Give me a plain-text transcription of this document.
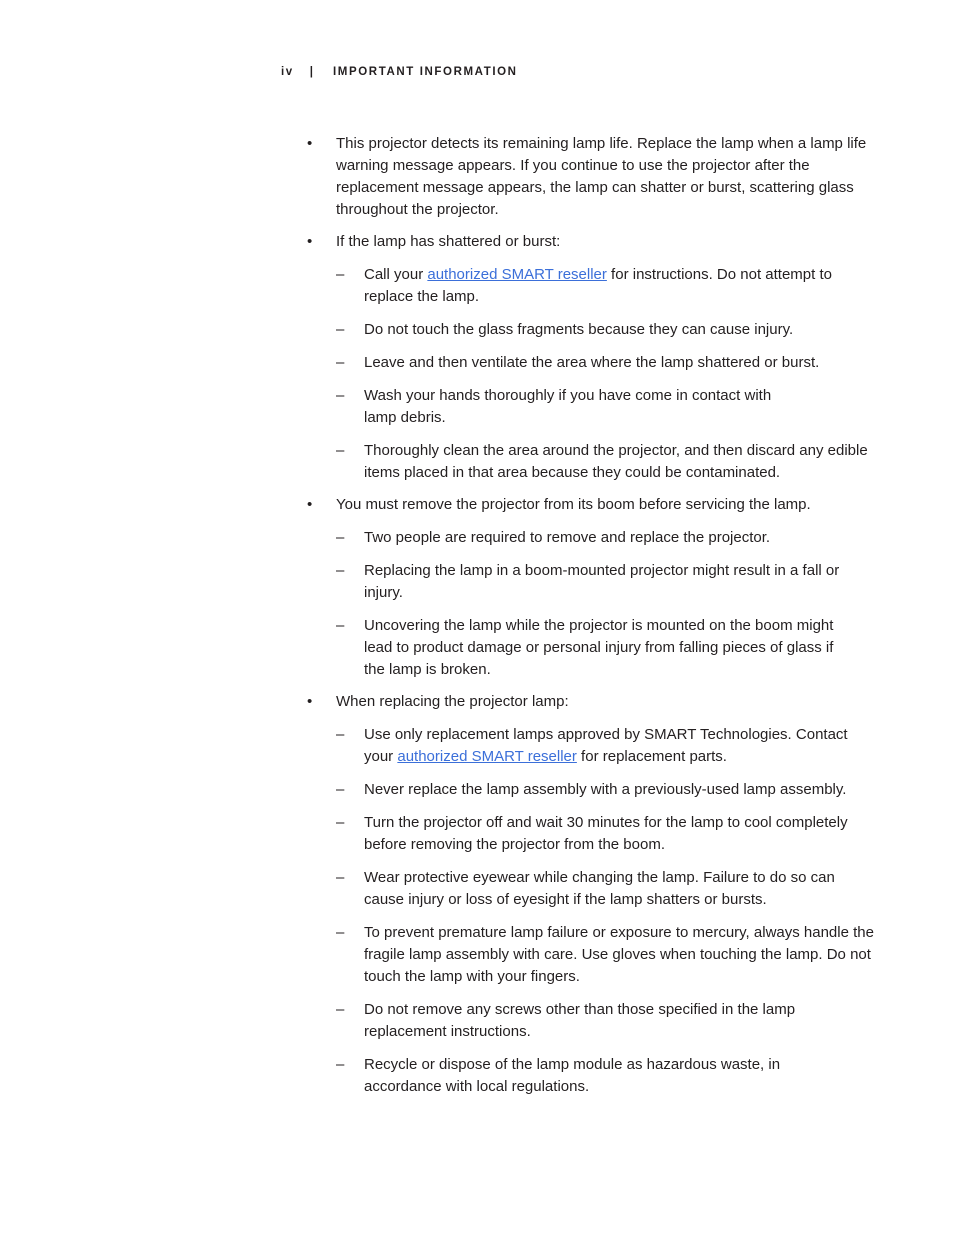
iv | IMPORTANT INFORMATION
•	This projector detects its remaining lamp life. Replace the lamp when a lamp life warning message appears. If you continue to use the projector after the replacement message appears, the lamp can shatter or burst, scattering glass throughout the projector.
•	If the lamp has shattered or burst:
– Call your authorized SMART reseller for instructions. Do not attempt to replace the lamp.
– Do not touch the glass fragments because they can cause injury.
– Leave and then ventilate the area where the lamp shattered or burst.
– Wash your hands thoroughly if you have come in contact with lamp debris.
– Thoroughly clean the area around the projector, and then discard any edible items placed in that area because they could be contaminated.
•	You must remove the projector from its boom before servicing the lamp.
– Two people are required to remove and replace the projector.
– Replacing the lamp in a boom-mounted projector might result in a fall or injury.
– Uncovering the lamp while the projector is mounted on the boom might lead to product damage or personal injury from falling pieces of glass if the lamp is broken.
•	When replacing the projector lamp:
– Use only replacement lamps approved by SMART Technologies. Contact your authorized SMART reseller for replacement parts.
– Never replace the lamp assembly with a previously-used lamp assembly.
– Turn the projector off and wait 30 minutes for the lamp to cool completely before removing the projector from the boom.
– Wear protective eyewear while changing the lamp. Failure to do so can cause injury or loss of eyesight if the lamp shatters or bursts.
– To prevent premature lamp failure or exposure to mercury, always handle the fragile lamp assembly with care. Use gloves when touching the lamp. Do not touch the lamp with your fingers.
– Do not remove any screws other than those specified in the lamp replacement instructions.
– Recycle or dispose of the lamp module as hazardous waste, in accordance with local regulations.
